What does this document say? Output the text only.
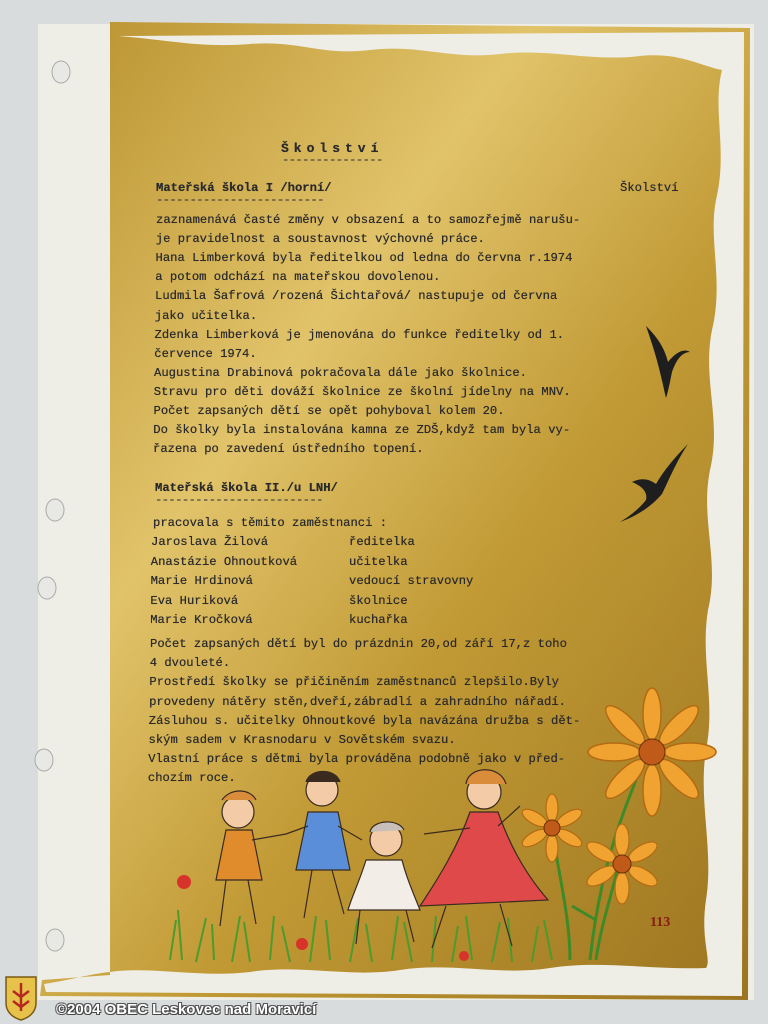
Školství
---------------
Školství
Mateřská škola I /horní/
-------------------------
zaznamenává časté změny v obsazení a to samozřejmě narušu-
je pravidelnost a soustavnost výchovné práce.
Hana Limberková byla ředitelkou od ledna do června r.1974
a potom odchází na mateřskou dovolenou.
Ludmila Šafrová /rozená Šichtařová/ nastupuje od června
jako učitelka.
Zdenka Limberková je jmenována do funkce ředitelky od 1.
července 1974.
Augustina Drabinová pokračovala dále jako školnice.
Stravu pro děti dováží školnice ze školní jídelny na MNV.
Počet zapsaných dětí se opět pohyboval kolem 20.
Do školky byla instalována kamna ze ZDŠ,když tam byla vy-
řazena po zavedení ústředního topení.
Mateřská škola II./u LNH/
-------------------------
pracovala s těmito zaměstnanci :
Jaroslava Žilová	ředitelka
Anastázie Ohnoutková	učitelka
Marie Hrdinová	vedoucí stravovny
Eva Huriková	školnice
Marie Kročková	kuchařka
Počet zapsaných dětí byl do prázdnin 20,od září 17,z toho
4 dvouleté.
Prostředí školky se přičiněním zaměstnanců zlepšilo.Byly
provedeny nátěry stěn,dveří,zábradlí a zahradního nářadí.
Zásluhou s. učitelky Ohnoutkové byla navázána družba s dět-
ským sadem v Krasnodaru v Sovětském svazu.
Vlastní práce s dětmi byla prováděna podobně jako v před-
chozím roce.
113
©2004 OBEC Leskovec nad Moravicí
